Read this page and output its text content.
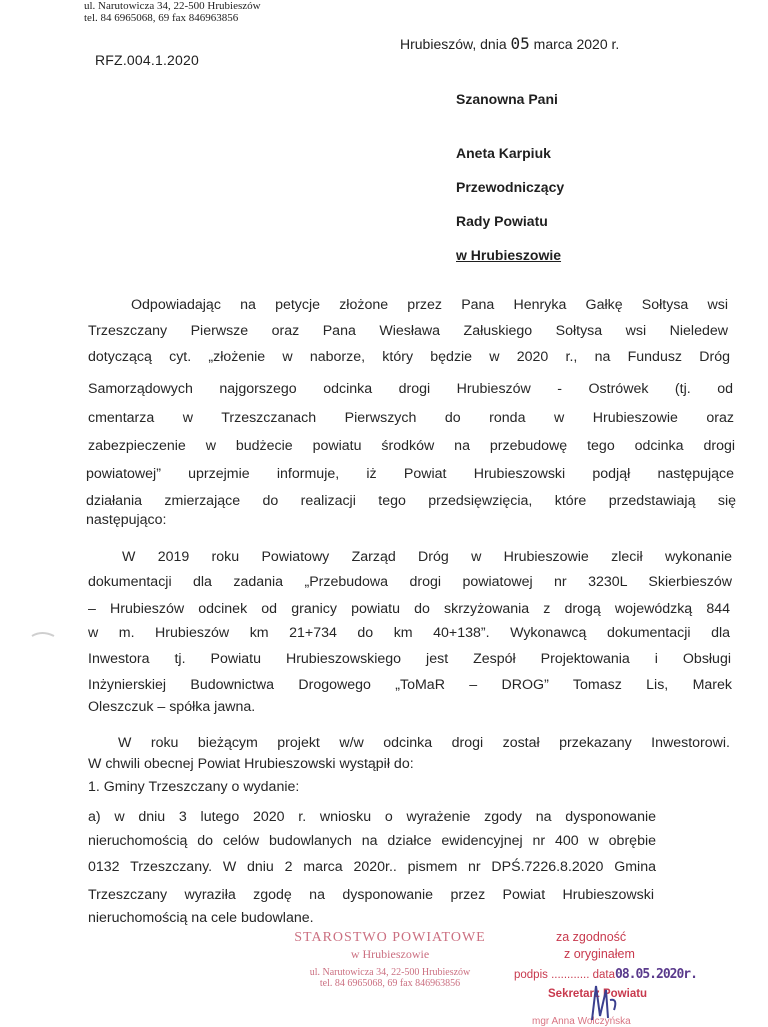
ul. Narutowicza 34, 22-500 Hrubieszów
tel. 84 6965068, 69 fax 846963856
RFZ.004.1.2020
Hrubieszów, dnia 05 marca 2020 r.
Szanowna Pani
Aneta Karpiuk
Przewodniczący
Rady Powiatu
w Hrubieszowie
Odpowiadając na petycje złożone przez Pana Henryka Gałkę Sołtysa wsi
Trzeszczany Pierwsze oraz Pana Wiesława Załuskiego Sołtysa wsi Nieledew
dotyczącą cyt. „złożenie w naborze, który będzie w 2020 r., na Fundusz Dróg
Samorządowych najgorszego odcinka drogi Hrubieszów - Ostrówek (tj. od
cmentarza w Trzeszczanach Pierwszych do ronda w Hrubieszowie oraz
zabezpieczenie w budżecie powiatu środków na przebudowę tego odcinka drogi
powiatowej” uprzejmie informuje, iż Powiat Hrubieszowski podjął następujące
działania zmierzające do realizacji tego przedsięwzięcia, które przedstawiają się
następująco:
W 2019 roku Powiatowy Zarząd Dróg w Hrubieszowie zlecił wykonanie
dokumentacji dla zadania „Przebudowa drogi powiatowej nr 3230L Skierbieszów
– Hrubieszów odcinek od granicy powiatu do skrzyżowania z drogą wojewódzką 844
w m. Hrubieszów km 21+734 do km 40+138”. Wykonawcą dokumentacji dla
Inwestora tj. Powiatu Hrubieszowskiego jest Zespół Projektowania i Obsługi
Inżynierskiej Budownictwa Drogowego „ToMaR – DROG” Tomasz Lis, Marek
Oleszczuk – spółka jawna.
W roku bieżącym projekt w/w odcinka drogi został przekazany Inwestorowi.
W chwili obecnej Powiat Hrubieszowski wystąpił do:
1. Gminy Trzeszczany o wydanie:
a) w dniu 3 lutego 2020 r. wniosku o wyrażenie zgody na dysponowanie
nieruchomością do celów budowlanych na działce ewidencyjnej nr 400 w obrębie
0132 Trzeszczany. W dniu 2 marca 2020r.. pismem nr DPŚ.7226.8.2020 Gmina
Trzeszczany wyraziła zgodę na dysponowanie przez Powiat Hrubieszowski
nieruchomością na cele budowlane.
STAROSTWO POWIATOWE
w Hrubieszowie
ul. Narutowicza 34, 22-500 Hrubieszów
tel. 84 6965068, 69 fax 846963856
za zgodność
z oryginałem
podpis ............ data08.05.2020r.
Sekretarz Powiatu
mgr Anna Wolczyńska
